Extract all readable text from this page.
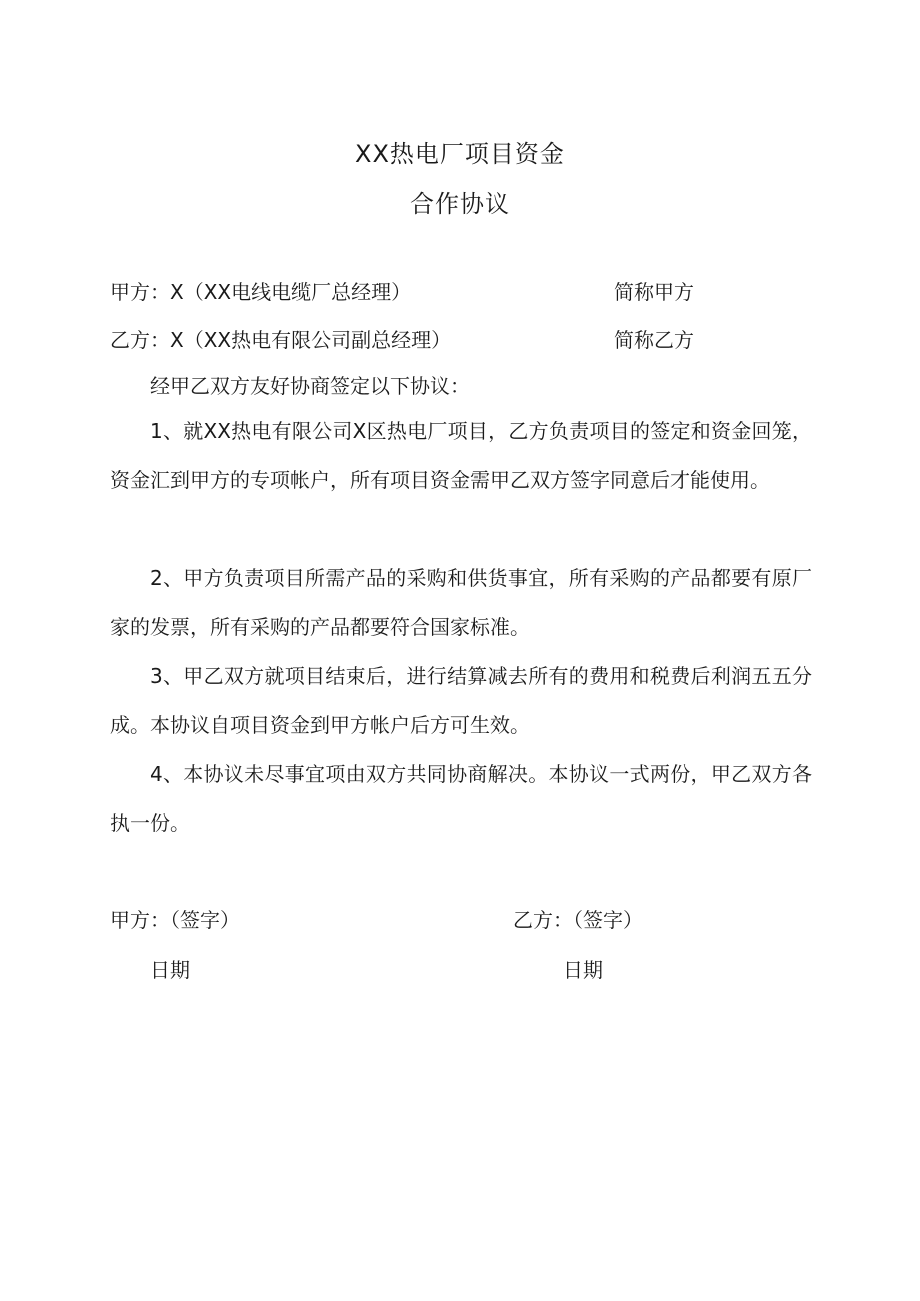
XX热电厂项目资金
合作协议
甲方：X（XX电线电缆厂总经理）	简称甲方
乙方：X（XX热电有限公司副总经理）	简称乙方
经甲乙双方友好协商签定以下协议：
1、就XX热电有限公司X区热电厂项目，乙方负责项目的签定和资金回笼，资金汇到甲方的专项帐户，所有项目资金需甲乙双方签字同意后才能使用。
2、甲方负责项目所需产品的采购和供货事宜，所有采购的产品都要有原厂家的发票，所有采购的产品都要符合国家标准。
3、甲乙双方就项目结束后，进行结算减去所有的费用和税费后利润五五分成。本协议自项目资金到甲方帐户后方可生效。
4、本协议未尽事宜项由双方共同协商解决。本协议一式两份，甲乙双方各执一份。
甲方：（签字）	乙方：（签字）
日期	日期
